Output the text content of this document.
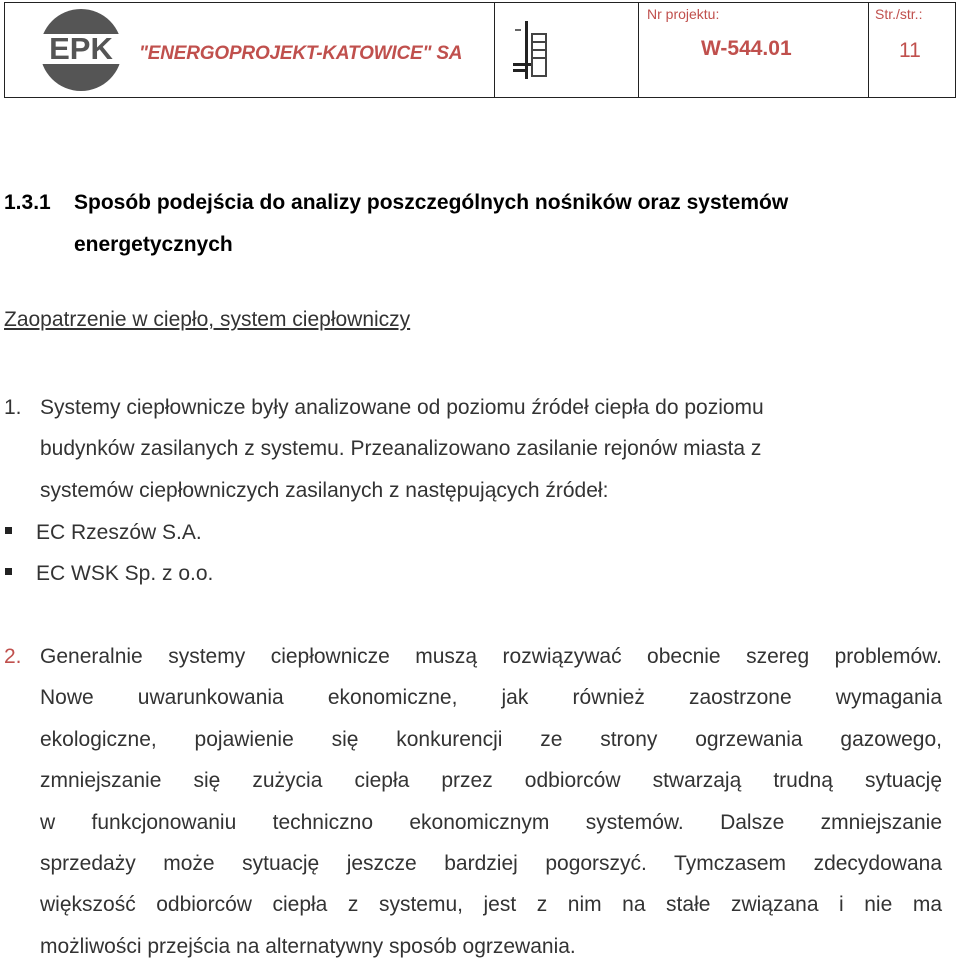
EPK "ENERGOPROJEKT-KATOWICE" SA
Nr projektu:
W-544.01
Str./str.:
11
1.3.1 Sposób podejścia do analizy poszczególnych nośników oraz systemów
energetycznych
Zaopatrzenie w ciepło, system ciepłowniczy
1. Systemy ciepłownicze były analizowane od poziomu źródeł ciepła do poziomu
budynków zasilanych z systemu. Przeanalizowano zasilanie rejonów miasta z
systemów ciepłowniczych zasilanych z następujących źródeł:
EC Rzeszów S.A.
EC WSK Sp. z o.o.
2. Generalnie systemy ciepłownicze muszą rozwiązywać obecnie szereg problemów.
Nowe uwarunkowania ekonomiczne, jak również zaostrzone wymagania
ekologiczne, pojawienie się konkurencji ze strony ogrzewania gazowego,
zmniejszanie się zużycia ciepła przez odbiorców stwarzają trudną sytuację
w funkcjonowaniu techniczno ekonomicznym systemów. Dalsze zmniejszanie
sprzedaży może sytuację jeszcze bardziej pogorszyć. Tymczasem zdecydowana
większość odbiorców ciepła z systemu, jest z nim na stałe związana i nie ma
możliwości przejścia na alternatywny sposób ogrzewania.
